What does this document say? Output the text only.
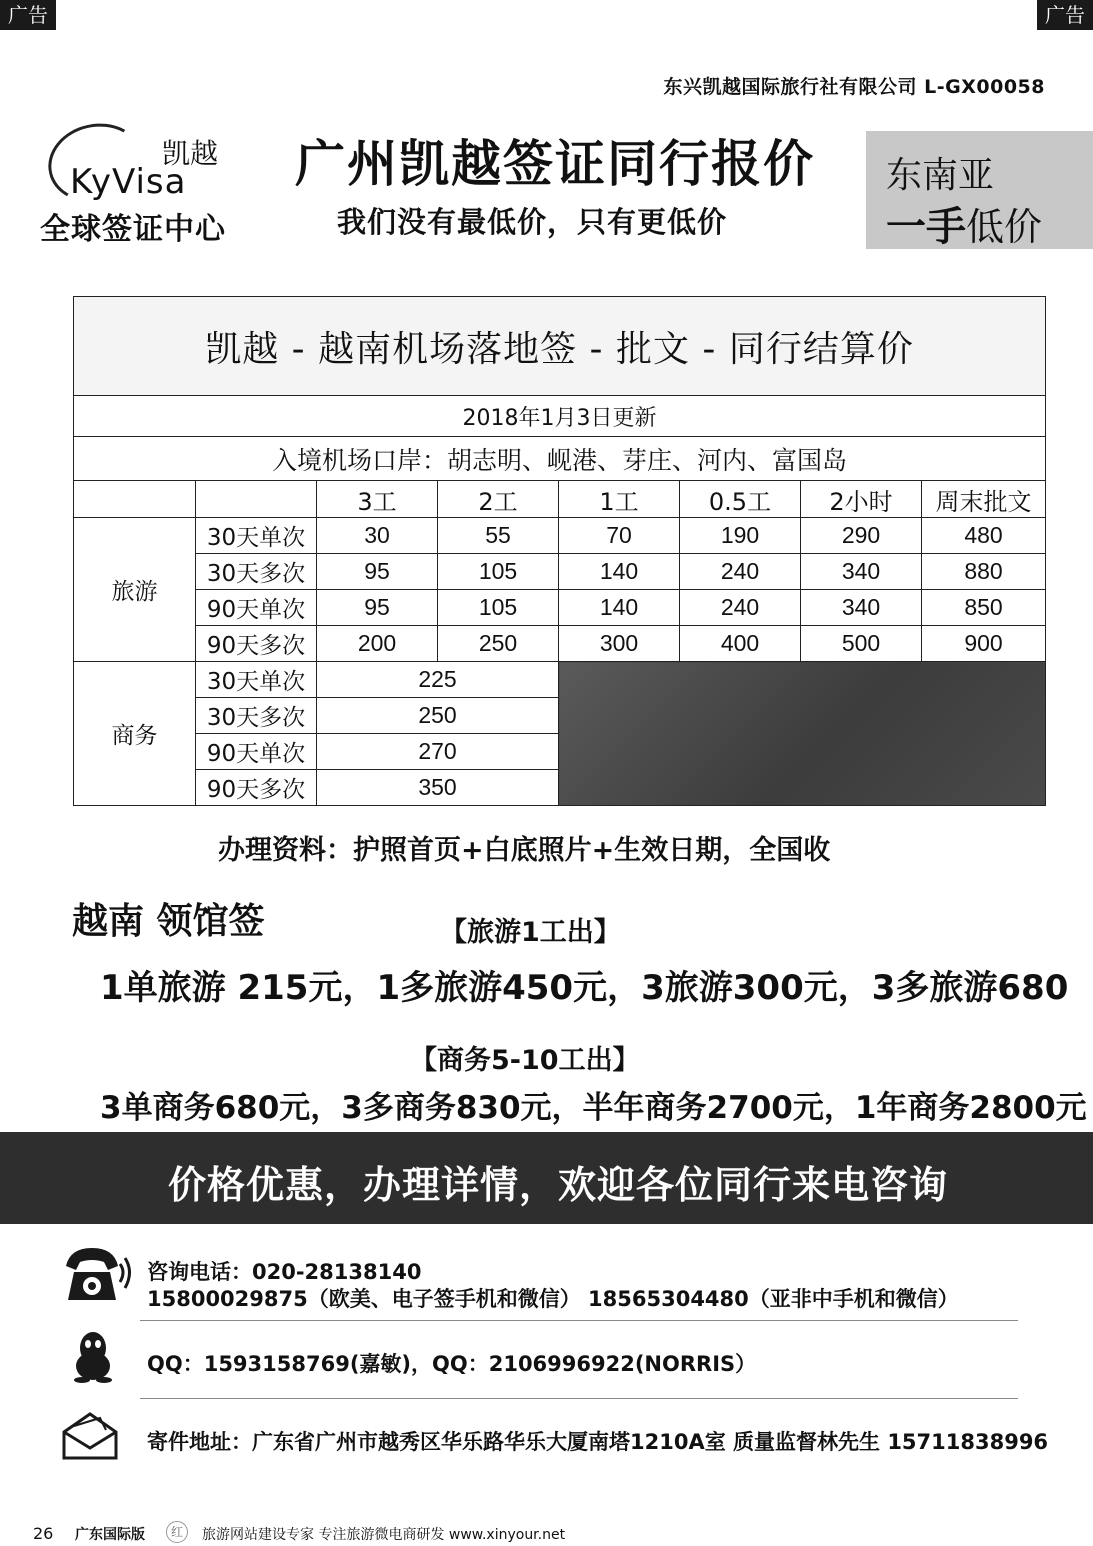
广告	广告
东兴凯越国际旅行社有限公司 L-GX00058
凯越
KyVisa
全球签证中心
广州凯越签证同行报价
我们没有最低价，只有更低价
东南亚
一手低价
凯越 - 越南机场落地签 - 批文 - 同行结算价							
2018年1月3日更新							
入境机场口岸：胡志明、岘港、芽庄、河内、富国岛							
		3工	2工	1工	0.5工	2小时	周末批文
旅游	30天单次	30	55	70	190	290	480
	30天多次	95	105	140	240	340	880
	90天单次	95	105	140	240	340	850
	90天多次	200	250	300	400	500	900
商务	30天单次	225					
	30天多次	250					
	90天单次	270					
	90天多次	350					
办理资料：护照首页+白底照片+生效日期，全国收
越南 领馆签	【旅游1工出】
1单旅游 215元，1多旅游450元，3旅游300元，3多旅游680
【商务5-10工出】
3单商务680元，3多商务830元，半年商务2700元，1年商务2800元
价格优惠，办理详情，欢迎各位同行来电咨询
咨询电话：020-28138140
15800029875（欧美、电子签手机和微信） 18565304480（亚非中手机和微信）
QQ：1593158769(嘉敏)，QQ：2106996922(NORRIS）
寄件地址：广东省广州市越秀区华乐路华乐大厦南塔1210A室 质量监督林先生 15711838996
26 广东国际版	红	旅游网站建设专家 专注旅游微电商研发 www.xinyour.net
